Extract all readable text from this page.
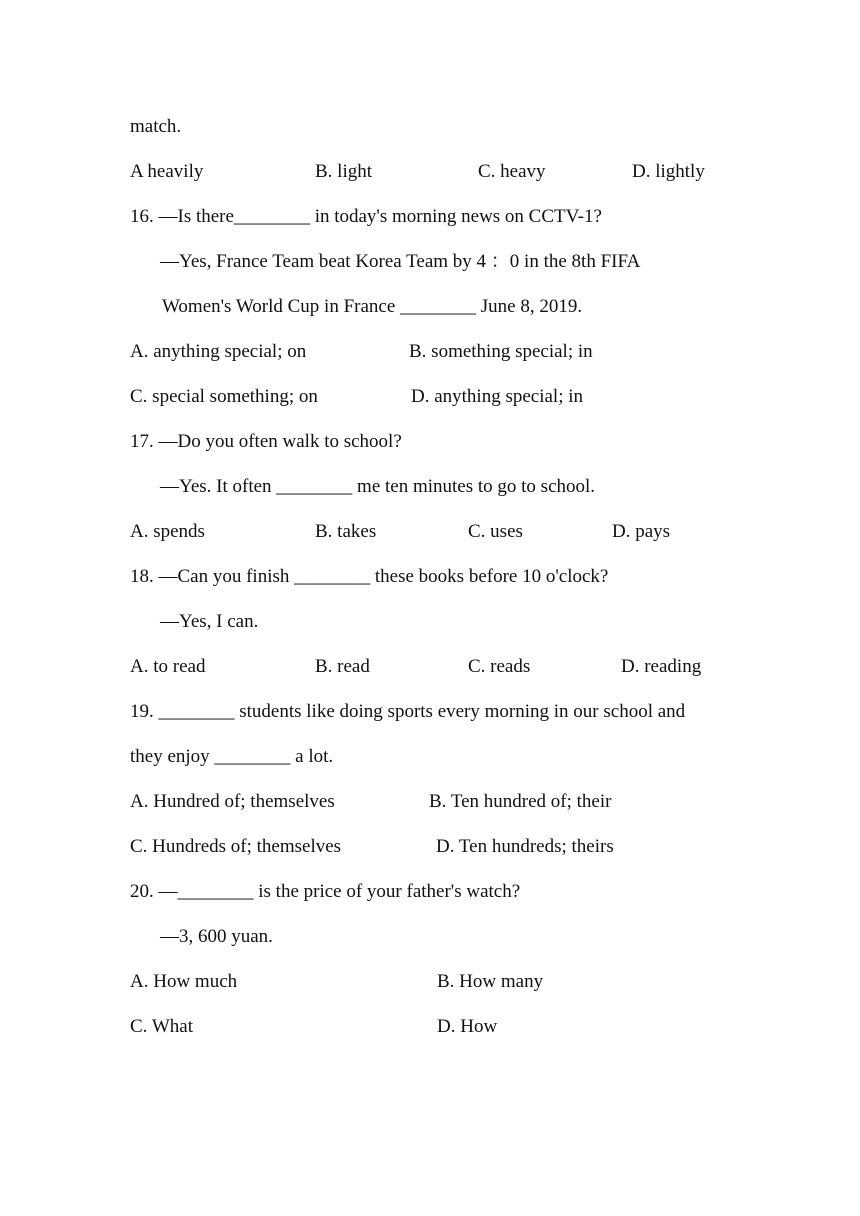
match.
A heavily	B. light	C. heavy	D. lightly
16. —Is there________ in today's morning news on CCTV-1?
—Yes, France Team beat Korea Team by 4 ：0 in the 8th FIFA
Women's World Cup in France ________ June 8, 2019.
A. anything special; on	B. something special; in
C. special something; on	D. anything special; in
17. —Do you often walk to school?
—Yes. It often ________ me ten minutes to go to school.
A. spends	B. takes	C. uses	D. pays
18. —Can you finish ________ these books before 10 o'clock?
—Yes, I can.
A. to read	B. read	C. reads	D. reading
19. ________ students like doing sports every morning in our school and
they enjoy ________ a lot.
A. Hundred of; themselves	B. Ten hundred of; their
C. Hundreds of; themselves	D. Ten hundreds; theirs
20. —________ is the price of your father's watch?
—3, 600 yuan.
A. How much	B. How many
C. What	D. How
